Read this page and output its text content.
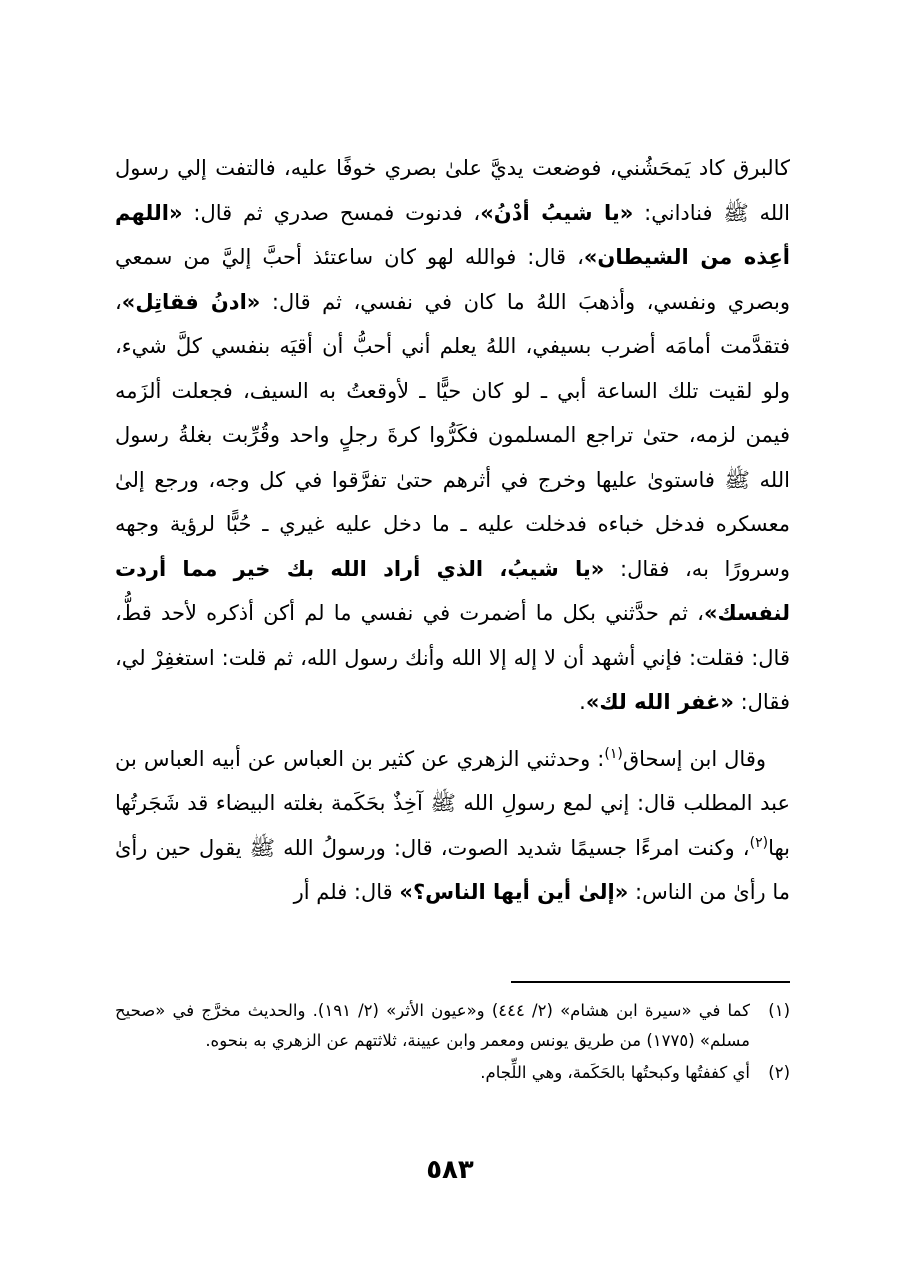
كالبرق كاد يَمحَشُني، فوضعت يديَّ علىٰ بصري خوفًا عليه، فالتفت إلي رسول الله ﷺ فناداني: «يا شيبُ أدْنُ»، فدنوت فمسح صدري ثم قال: «اللهم أعِذه من الشيطان»، قال: فوالله لهو كان ساعتئذ أحبَّ إليَّ من سمعي وبصري ونفسي، وأذهبَ اللهُ ما كان في نفسي، ثم قال: «ادنُ فقاتِل»، فتقدَّمت أمامَه أضرب بسيفي، اللهُ يعلم أني أحبُّ أن أقيَه بنفسي كلَّ شيء، ولو لقيت تلك الساعة أبي ـ لو كان حيًّا ـ لأوقعتُ به السيف، فجعلت ألزَمه فيمن لزمه، حتىٰ تراجع المسلمون فكَرُّوا كرةَ رجلٍ واحد وقُرِّبت بغلةُ رسول الله ﷺ فاستوىٰ عليها وخرج في أثرهم حتىٰ تفرَّقوا في كل وجه، ورجع إلىٰ معسكره فدخل خباءه فدخلت عليه ـ ما دخل عليه غيري ـ حُبًّا لرؤية وجهه وسرورًا به، فقال: «يا شيبُ، الذي أراد الله بك خير مما أردت لنفسك»، ثم حدَّثني بكل ما أضمرت في نفسي ما لم أكن أذكره لأحد قطُّ، قال: فقلت: فإني أشهد أن لا إله إلا الله وأنك رسول الله، ثم قلت: استغفِرْ لي، فقال: «غفر الله لك».

وقال ابن إسحاق$^{(١)}$: وحدثني الزهري عن كثير بن العباس عن أبيه العباس بن عبد المطلب قال: إني لمع رسولِ الله ﷺ آخِذٌ بحَكَمة بغلته البيضاء قد شَجَرتُها بها$^{(٢)}$، وكنت امرءًا جسيمًا شديد الصوت، قال: ورسولُ الله ﷺ يقول حين رأىٰ ما رأىٰ من الناس: «إلىٰ أين أيها الناس؟» قال: فلم أر

(١)
كما في «سيرة ابن هشام» (٢/ ٤٤٤) و«عيون الأثر» (٢/ ١٩١). والحديث مخرَّج في «صحيح مسلم» (١٧٧٥) من طريق يونس ومعمر وابن عيينة، ثلاثتهم عن الزهري به بنحوه.
(٢)
أي كففتُها وكبحتُها بالحَكَمة، وهي اللِّجام.
٥٨٣
